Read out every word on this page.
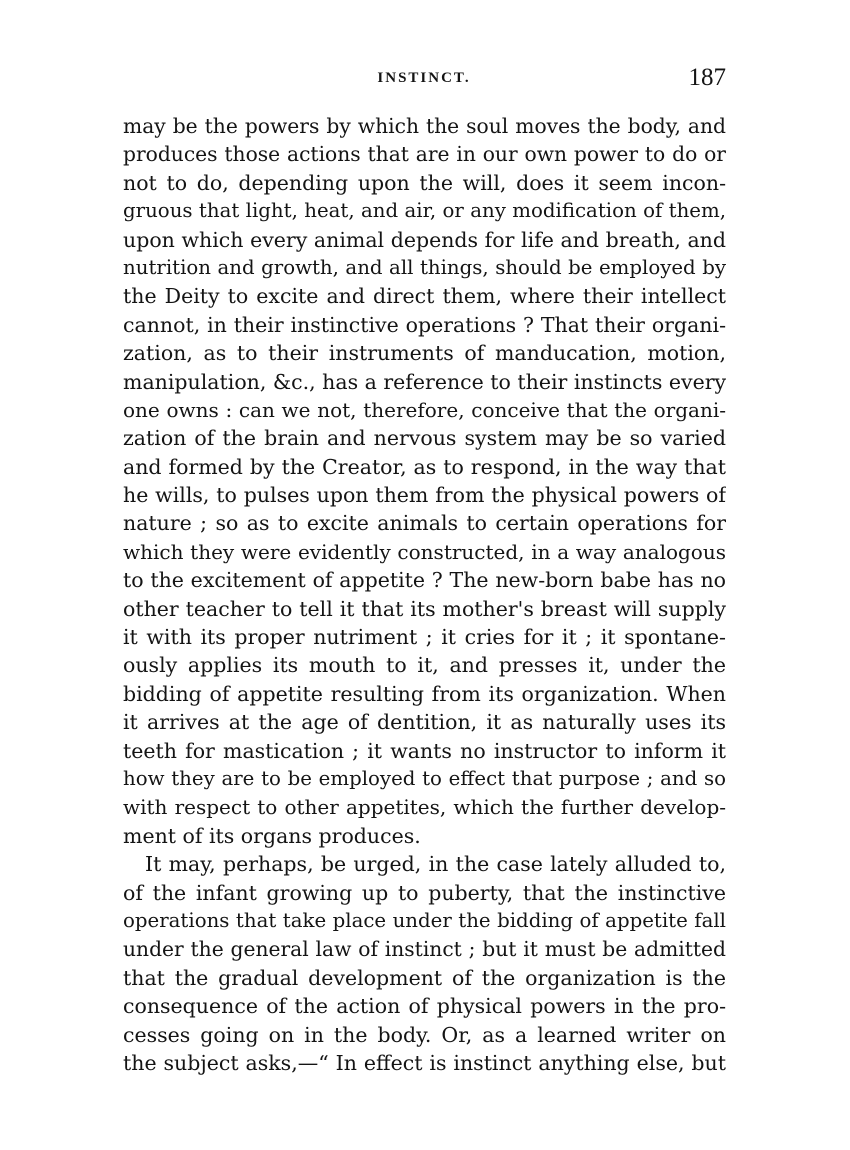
INSTINCT.	187
may be the powers by which the soul moves the body, and
produces those actions that are in our own power to do or
not to do, depending upon the will, does it seem incon-
gruous that light, heat, and air, or any modification of them,
upon which every animal depends for life and breath, and
nutrition and growth, and all things, should be employed by
the Deity to excite and direct them, where their intellect
cannot, in their instinctive operations ? That their organi-
zation, as to their instruments of manducation, motion,
manipulation, &c., has a reference to their instincts every
one owns : can we not, therefore, conceive that the organi-
zation of the brain and nervous system may be so varied
and formed by the Creator, as to respond, in the way that
he wills, to pulses upon them from the physical powers of
nature ; so as to excite animals to certain operations for
which they were evidently constructed, in a way analogous
to the excitement of appetite ? The new-born babe has no
other teacher to tell it that its mother's breast will supply
it with its proper nutriment ; it cries for it ; it spontane-
ously applies its mouth to it, and presses it, under the
bidding of appetite resulting from its organization. When
it arrives at the age of dentition, it as naturally uses its
teeth for mastication ; it wants no instructor to inform it
how they are to be employed to effect that purpose ; and so
with respect to other appetites, which the further develop-
ment of its organs produces.
It may, perhaps, be urged, in the case lately alluded to,
of the infant growing up to puberty, that the instinctive
operations that take place under the bidding of appetite fall
under the general law of instinct ; but it must be admitted
that the gradual development of the organization is the
consequence of the action of physical powers in the pro-
cesses going on in the body. Or, as a learned writer on
the subject asks,—“ In effect is instinct anything else, but
